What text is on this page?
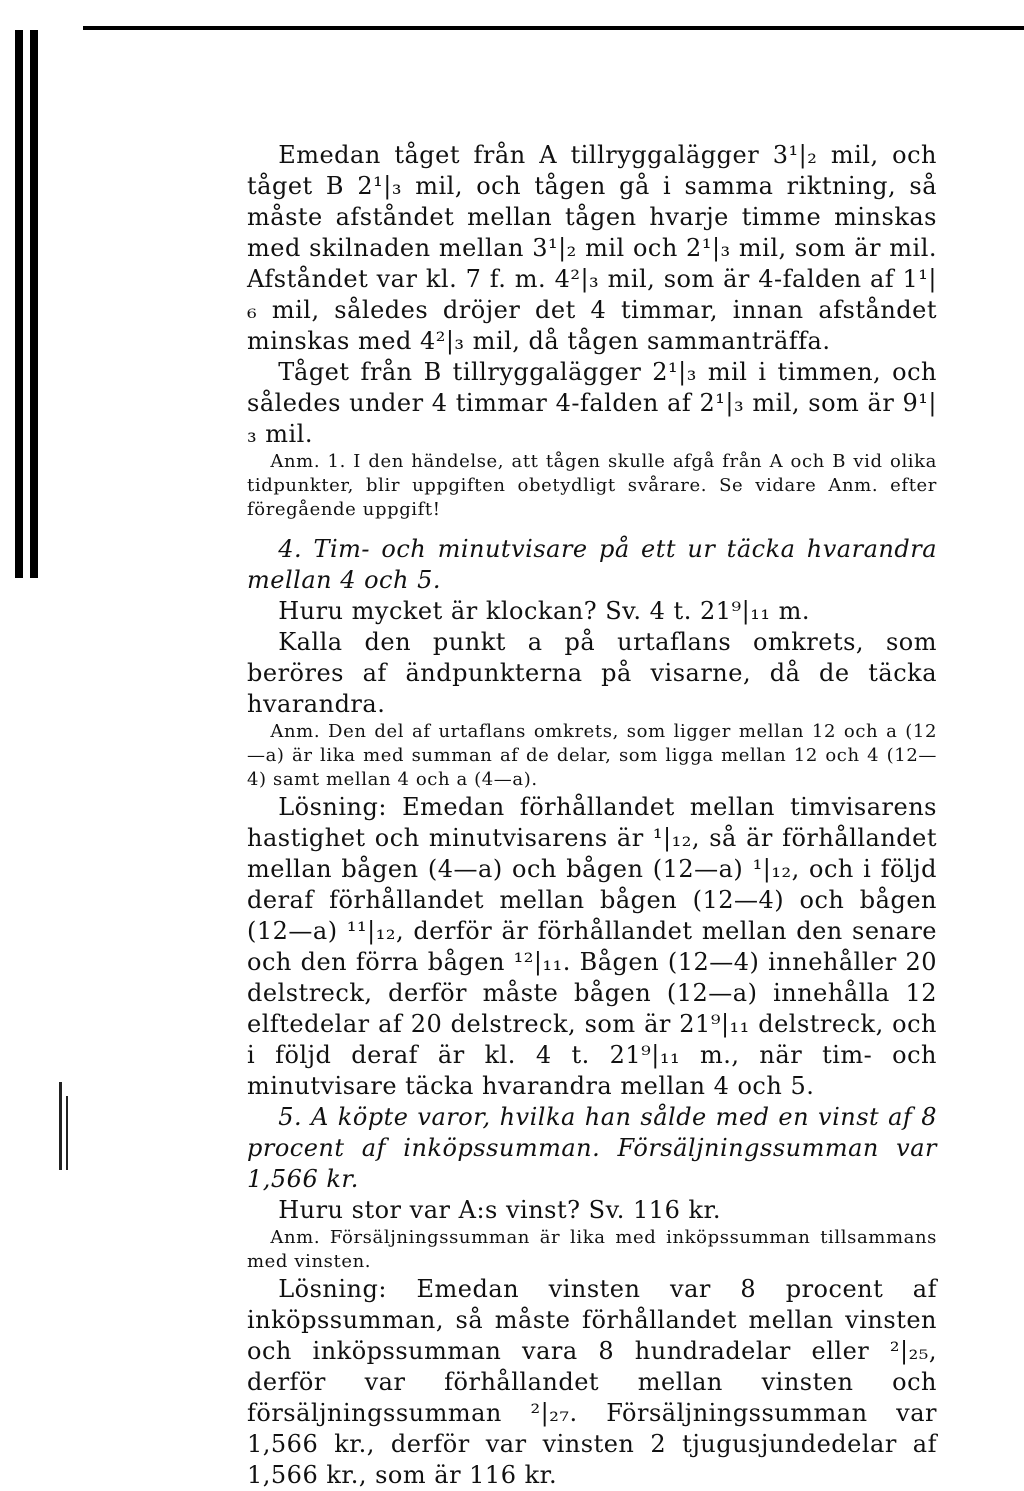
Emedan tåget från A tillryggalägger 3¹|₂ mil, och tåget B 2¹|₃ mil, och tågen gå i samma riktning, så måste afståndet mellan tågen hvarje timme minskas med skilnaden mellan 3¹|₂ mil och 2¹|₃ mil, som är mil. Afståndet var kl. 7 f. m. 4²|₃ mil, som är 4-falden af 1¹|₆ mil, således dröjer det 4 timmar, innan afståndet minskas med 4²|₃ mil, då tågen sammanträffa.

Tåget från B tillryggalägger 2¹|₃ mil i timmen, och således under 4 timmar 4-falden af 2¹|₃ mil, som är 9¹|₃ mil.

Anm. 1. I den händelse, att tågen skulle afgå från A och B vid olika tidpunkter, blir uppgiften obetydligt svårare. Se vidare Anm. efter föregående uppgift!

4. Tim- och minutvisare på ett ur täcka hvarandra mellan 4 och 5.

Huru mycket är klockan? Sv. 4 t. 21⁹|₁₁ m.

Kalla den punkt a på urtaflans omkrets, som beröres af ändpunkterna på visarne, då de täcka hvarandra.

Anm. Den del af urtaflans omkrets, som ligger mellan 12 och a (12—a) är lika med summan af de delar, som ligga mellan 12 och 4 (12—4) samt mellan 4 och a (4—a).

Lösning: Emedan förhållandet mellan timvisarens hastighet och minutvisarens är ¹|₁₂, så är förhållandet mellan bågen (4—a) och bågen (12—a) ¹|₁₂, och i följd deraf förhållandet mellan bågen (12—4) och bågen (12—a) ¹¹|₁₂, derför är förhållandet mellan den senare och den förra bågen ¹²|₁₁. Bågen (12—4) innehåller 20 delstreck, derför måste bågen (12—a) innehålla 12 elftedelar af 20 delstreck, som är 21⁹|₁₁ delstreck, och i följd deraf är kl. 4 t. 21⁹|₁₁ m., när tim- och minutvisare täcka hvarandra mellan 4 och 5.

5. A köpte varor, hvilka han sålde med en vinst af 8 procent af inköpssumman. Försäljningssumman var 1,566 kr.

Huru stor var A:s vinst? Sv. 116 kr.

Anm. Försäljningssumman är lika med inköpssumman tillsammans med vinsten.

Lösning: Emedan vinsten var 8 procent af inköpssumman, så måste förhållandet mellan vinsten och inköpssumman vara 8 hundradelar eller ²|₂₅, derför var förhållandet mellan vinsten och försäljningssumman ²|₂₇. Försäljningssumman var 1,566 kr., derför var vinsten 2 tjugusjundedelar af 1,566 kr., som är 116 kr.
